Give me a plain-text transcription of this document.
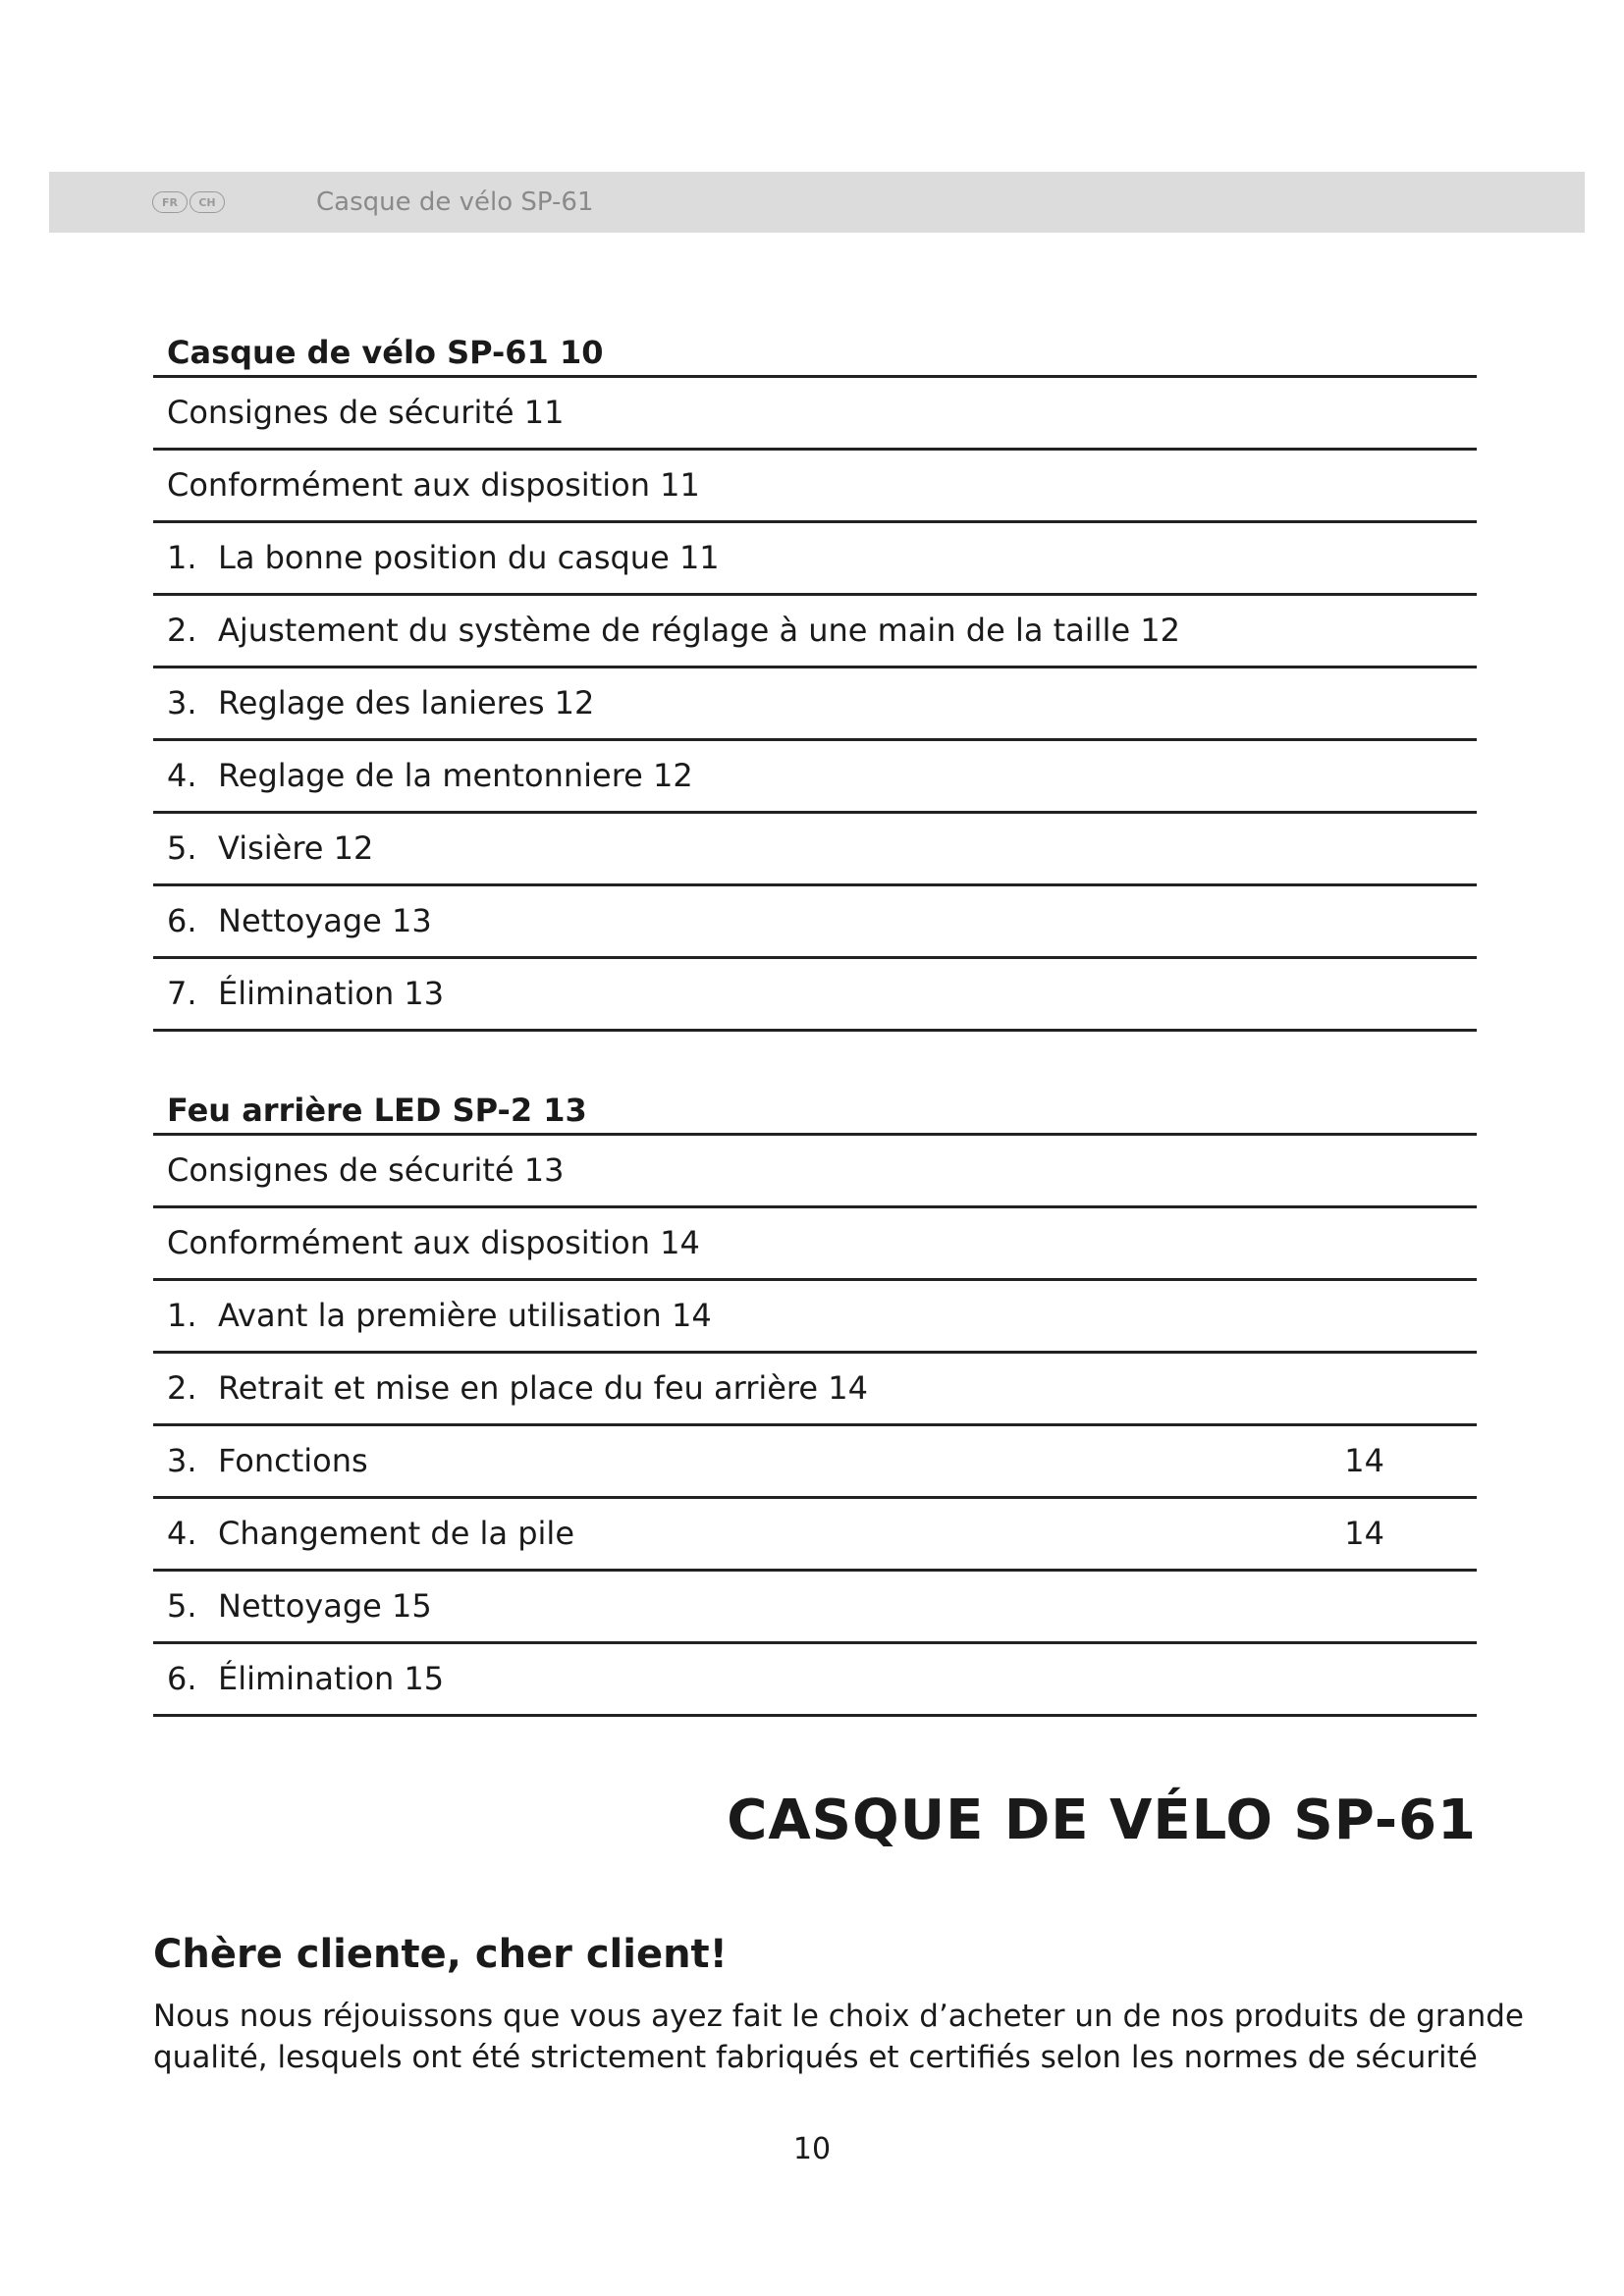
FR	CH	Casque de vélo SP-61
Casque de vélo SP-61 10
Consignes de sécurité 11
Conformément aux disposition 11
1. La bonne position du casque 11
2. Ajustement du système de réglage à une main de la taille 12
3. Reglage des lanieres 12
4. Reglage de la mentonniere 12
5. Visière 12
6. Nettoyage 13
7. Élimination 13
Feu arrière LED SP-2 13
Consignes de sécurité 13
Conformément aux disposition 14
1. Avant la première utilisation 14
2. Retrait et mise en place du feu arrière 14
3. Fonctions	14
4. Changement de la pile	14
5. Nettoyage 15
6. Élimination 15
CASQUE DE VÉLO SP-61
Chère cliente, cher client!

Nous nous réjouissons que vous ayez fait le choix d’acheter un de nos produits de grande

qualité, lesquels ont été strictement fabriqués et certifiés selon les normes de sécurité

10
